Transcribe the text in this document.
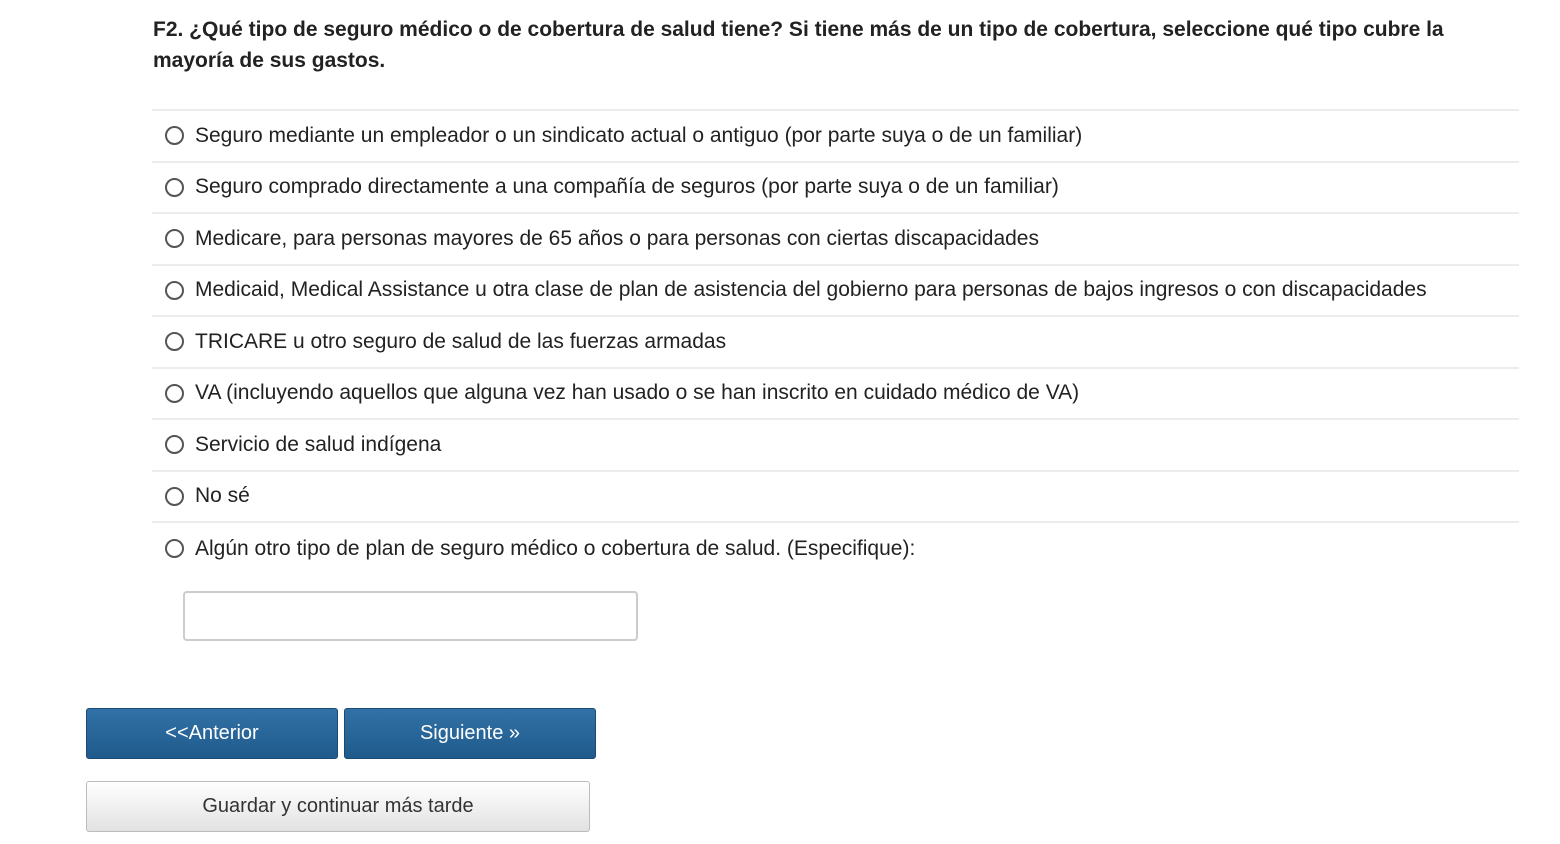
F2. ¿Qué tipo de seguro médico o de cobertura de salud tiene? Si tiene más de un tipo de cobertura, seleccione qué tipo cubre la mayoría de sus gastos.
Seguro mediante un empleador o un sindicato actual o antiguo (por parte suya o de un familiar)
Seguro comprado directamente a una compañía de seguros (por parte suya o de un familiar)
Medicare, para personas mayores de 65 años o para personas con ciertas discapacidades
Medicaid, Medical Assistance u otra clase de plan de asistencia del gobierno para personas de bajos ingresos o con discapacidades
TRICARE u otro seguro de salud de las fuerzas armadas
VA (incluyendo aquellos que alguna vez han usado o se han inscrito en cuidado médico de VA)
Servicio de salud indígena
No sé
Algún otro tipo de plan de seguro médico o cobertura de salud. (Especifique):
<<Anterior	Siguiente »
Guardar y continuar más tarde
